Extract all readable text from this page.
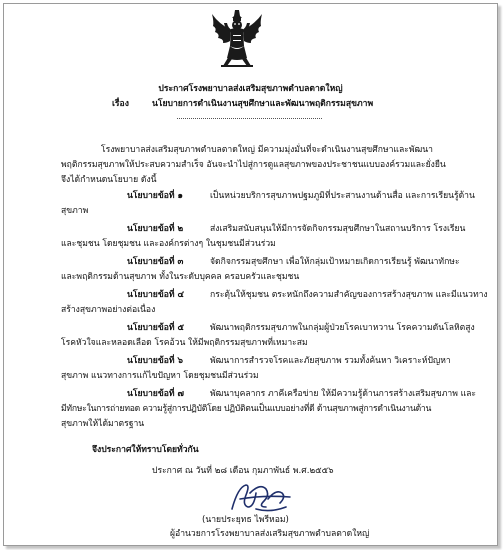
ประกาศโรงพยาบาลส่งเสริมสุขภาพตำบลตาดใหญ่
เรื่อง	นโยบายการดำเนินงานสุขศึกษาและพัฒนาพฤติกรรมสุขภาพ
โรงพยาบาลส่งเสริมสุขภาพตำบลตาดใหญ่ มีความมุ่งมั่นที่จะดำเนินงานสุขศึกษาและพัฒนา
พฤติกรรมสุขภาพให้ประสบความสำเร็จ อันจะนำไปสู่การดูแลสุขภาพของประชาชนแบบองค์รวมและยั่งยืน
จึงได้กำหนดนโยบาย ดังนี้
นโยบายข้อที่ ๑	เป็นหน่วยบริการสุขภาพปฐมภูมิที่ประสานงานด้านสื่อ และการเรียนรู้ด้าน
สุขภาพ
นโยบายข้อที่ ๒	ส่งเสริมสนับสนุนให้มีการจัดกิจกรรมสุขศึกษาในสถานบริการ โรงเรียน
และชุมชน โดยชุมชน และองค์กรต่างๆ ในชุมชนมีส่วนร่วม
นโยบายข้อที่ ๓	จัดกิจกรรมสุขศึกษา เพื่อให้กลุ่มเป้าหมายเกิดการเรียนรู้ พัฒนาทักษะ
และพฤติกรรมด้านสุขภาพ ทั้งในระดับบุคคล ครอบครัวและชุมชน
นโยบายข้อที่ ๔	กระตุ้นให้ชุมชน ตระหนักถึงความสำคัญของการสร้างสุขภาพ และมีแนวทาง
สร้างสุขภาพอย่างต่อเนื่อง
นโยบายข้อที่ ๕	พัฒนาพฤติกรรมสุขภาพในกลุ่มผู้ป่วยโรคเบาหวาน โรคความดันโลหิตสูง
โรคหัวใจและหลอดเลือด โรคอ้วน ให้มีพฤติกรรมสุขภาพที่เหมาะสม
นโยบายข้อที่ ๖	พัฒนาการสำรวจโรคและภัยสุขภาพ รวมทั้งค้นหา วิเคราะห์ปัญหา
สุขภาพ แนวทางการแก้ไขปัญหา โดยชุมชนมีส่วนร่วม
นโยบายข้อที่ ๗	พัฒนาบุคลากร ภาคีเครือข่าย ให้มีความรู้ด้านการสร้างเสริมสุขภาพ และ
มีทักษะในการถ่ายทอด ความรู้สู่การปฏิบัติโดย ปฏิบัติตนเป็นแบบอย่างที่ดี ด้านสุขภาพสู่การดำเนินงานด้าน
สุขภาพให้ได้มาตรฐาน
จึงประกาศให้ทราบโดยทั่วกัน
ประกาศ ณ วันที่ ๒๘ เดือน กุมภาพันธ์ พ.ศ.๒๕๕๖
(นายประยุทธ ไพรีหอม)
ผู้อำนวยการโรงพยาบาลส่งเสริมสุขภาพตำบลตาดใหญ่
